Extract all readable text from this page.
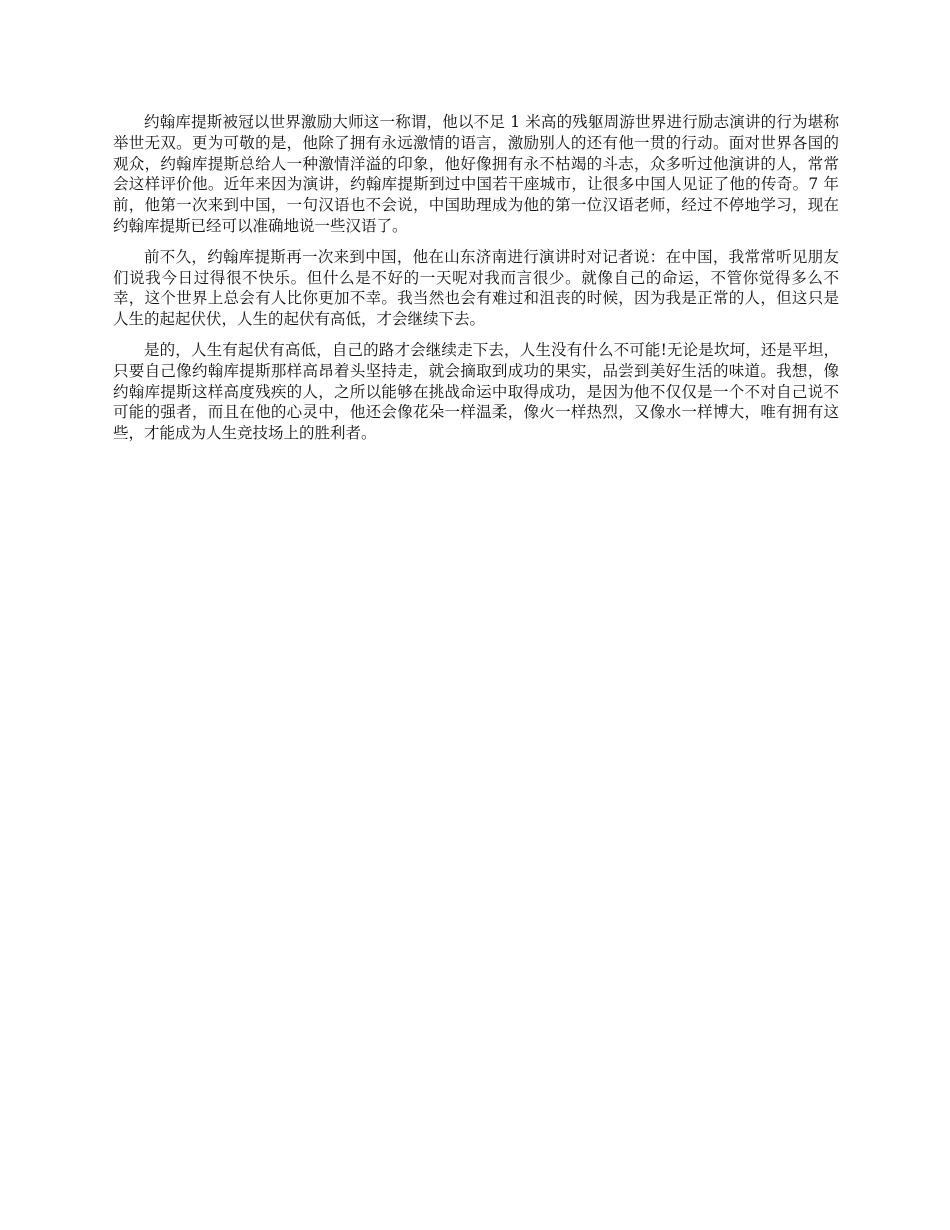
约翰库提斯被冠以世界激励大师这一称谓，他以不足 1 米高的残躯周游世界进行励志演讲的行为堪称举世无双。更为可敬的是，他除了拥有永远激情的语言，激励别人的还有他一贯的行动。面对世界各国的观众，约翰库提斯总给人一种激情洋溢的印象，他好像拥有永不枯竭的斗志，众多听过他演讲的人，常常会这样评价他。近年来因为演讲，约翰库提斯到过中国若干座城市，让很多中国人见证了他的传奇。7 年前，他第一次来到中国，一句汉语也不会说，中国助理成为他的第一位汉语老师，经过不停地学习，现在约翰库提斯已经可以准确地说一些汉语了。

前不久，约翰库提斯再一次来到中国，他在山东济南进行演讲时对记者说：在中国，我常常听见朋友们说我今日过得很不快乐。但什么是不好的一天呢对我而言很少。就像自己的命运，不管你觉得多么不幸，这个世界上总会有人比你更加不幸。我当然也会有难过和沮丧的时候，因为我是正常的人，但这只是人生的起起伏伏，人生的起伏有高低，才会继续下去。

是的，人生有起伏有高低，自己的路才会继续走下去，人生没有什么不可能!无论是坎坷，还是平坦，只要自己像约翰库提斯那样高昂着头坚持走，就会摘取到成功的果实，品尝到美好生活的味道。我想，像约翰库提斯这样高度残疾的人，之所以能够在挑战命运中取得成功，是因为他不仅仅是一个不对自己说不可能的强者，而且在他的心灵中，他还会像花朵一样温柔，像火一样热烈，又像水一样博大，唯有拥有这些，才能成为人生竞技场上的胜利者。
